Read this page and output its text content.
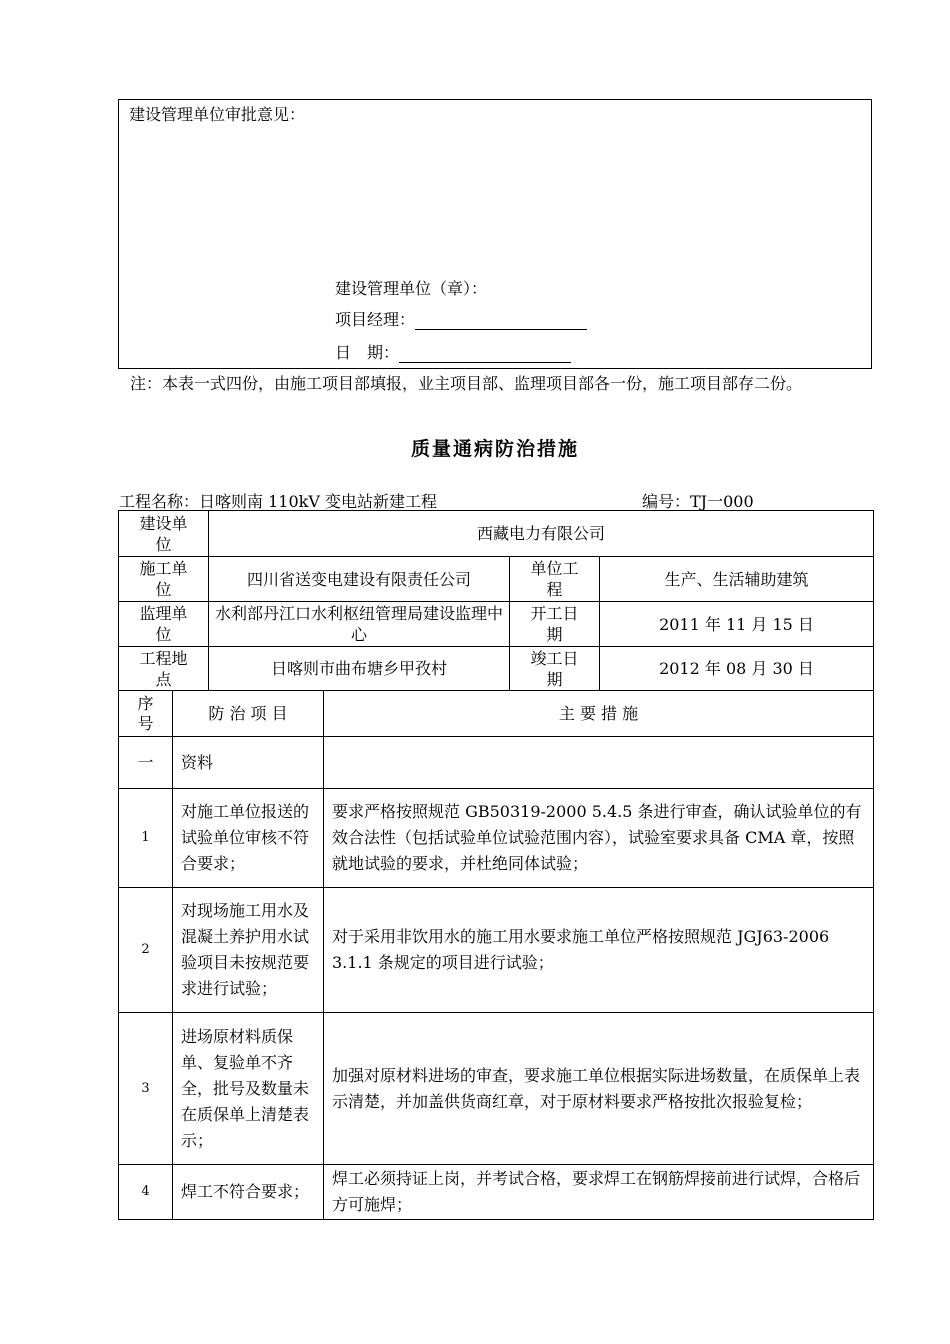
建设管理单位审批意见：
建设管理单位（章）：
项目经理：
日　期：
注：本表一式四份，由施工项目部填报，业主项目部、监理项目部各一份，施工项目部存二份。
质量通病防治措施
工程名称：日喀则南 110kV 变电站新建工程	编号：TJ一000
建设单位	西藏电力有限公司		
施工单位	四川省送变电建设有限责任公司	单位工程	生产、生活辅助建筑
监理单位	水利部丹江口水利枢纽管理局建设监理中心	开工日期	2011 年 11 月 15 日
工程地点	日喀则市曲布塘乡甲孜村	竣工日期	2012 年 08 月 30 日
序号	防 治 项 目	主 要 措 施
一	资料	
1	对施工单位报送的试验单位审核不符合要求；	要求严格按照规范 GB50319-2000 5.4.5 条进行审查，确认试验单位的有效合法性（包括试验单位试验范围内容），试验室要求具备 CMA 章，按照就地试验的要求，并杜绝同体试验；
2	对现场施工用水及混凝土养护用水试验项目未按规范要求进行试验；	对于采用非饮用水的施工用水要求施工单位严格按照规范 JGJ63-2006 3.1.1 条规定的项目进行试验；
3	进场原材料质保单、复验单不齐全，批号及数量未在质保单上清楚表示；	加强对原材料进场的审查，要求施工单位根据实际进场数量，在质保单上表示清楚，并加盖供货商红章，对于原材料要求严格按批次报验复检；
4	焊工不符合要求；	焊工必须持证上岗，并考试合格，要求焊工在钢筋焊接前进行试焊，合格后方可施焊；
